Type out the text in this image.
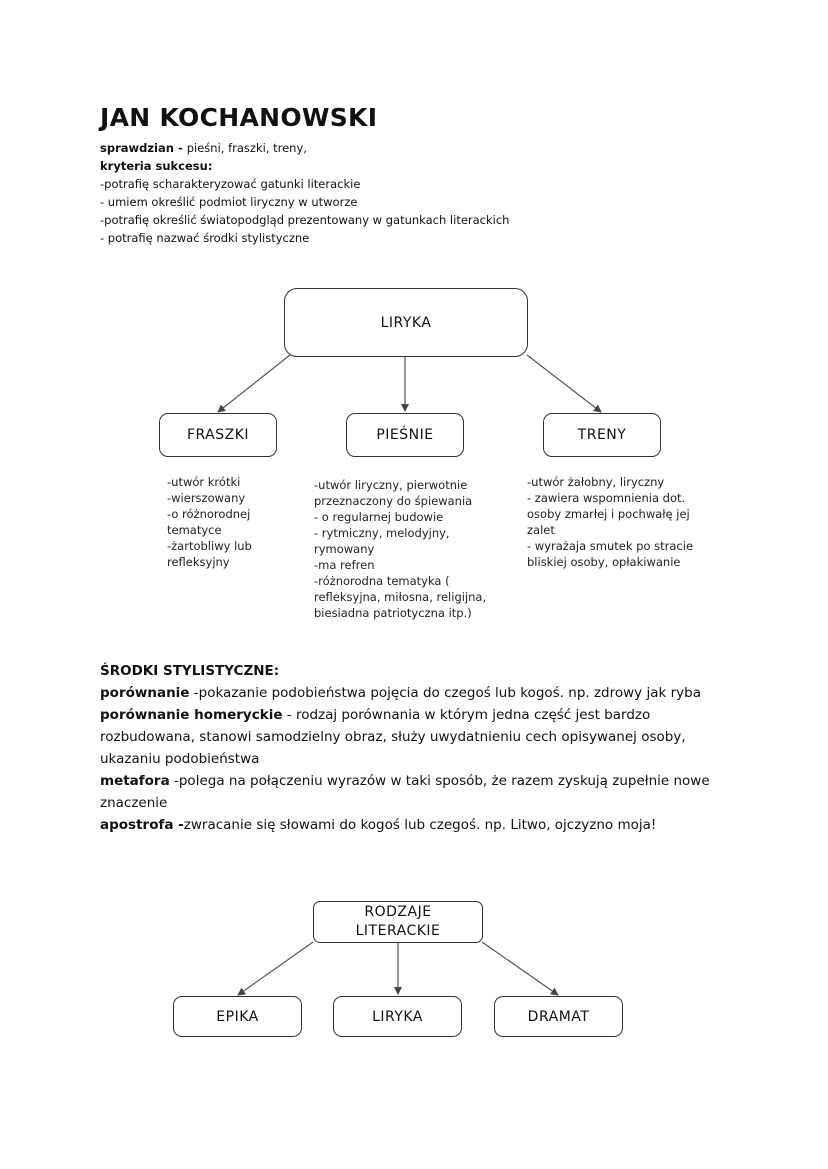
JAN KOCHANOWSKI
sprawdzian - pieśni, fraszki, treny,
kryteria sukcesu:
-potrafię scharakteryzować gatunki literackie
- umiem określić podmiot liryczny w utworze
-potrafię określić światopodgląd prezentowany w gatunkach literackich
- potrafię nazwać środki stylistyczne
LIRYKA
FRASZKI	PIEŚNIE	TRENY
-utwór krótki
-wierszowany
-o różnorodnej
tematyce
-żartobliwy lub
refleksyjny
-utwór liryczny, pierwotnie
przeznaczony do śpiewania
- o regularnej budowie
- rytmiczny, melodyjny,
rymowany
-ma refren
-różnorodna tematyka (
refleksyjna, miłosna, religijna,
biesiadna patriotyczna itp.)
-utwór żałobny, liryczny
- zawiera wspomnienia dot.
osoby zmarłej i pochwałę jej
zalet
- wyrażaja smutek po stracie
bliskiej osoby, opłakiwanie

ŚRODKI STYLISTYCZNE:

porównanie -pokazanie podobieństwa pojęcia do czegoś lub kogoś. np. zdrowy jak ryba

porównanie homeryckie - rodzaj porównania w którym jedna część jest bardzo rozbudowana, stanowi samodzielny obraz, służy uwydatnieniu cech opisywanej osoby, ukazaniu podobieństwa

metafora -polega na połączeniu wyrazów w taki sposób, że razem zyskują zupełnie nowe znaczenie

apostrofa -zwracanie się słowami do kogoś lub czegoś. np. Litwo, ojczyzno moja!

RODZAJE
LITERACKIE
EPIKA	LIRYKA	DRAMAT
